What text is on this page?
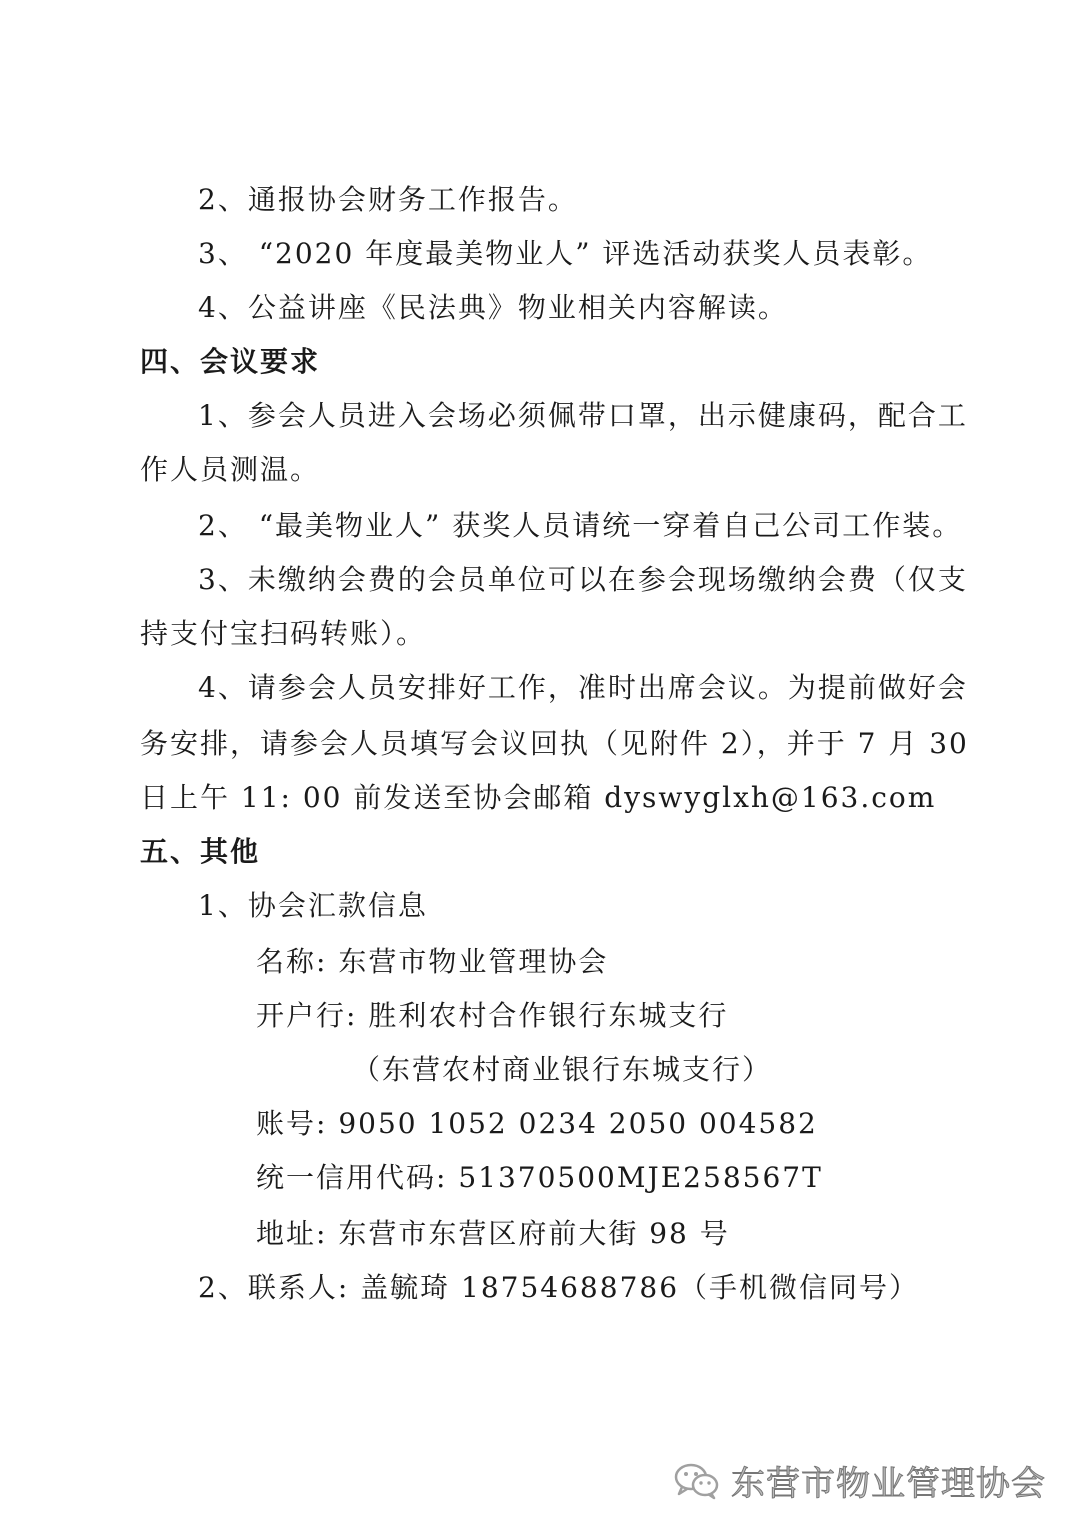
2、通报协会财务工作报告。
3、 “2020 年度最美物业人” 评选活动获奖人员表彰。
4、公益讲座《民法典》物业相关内容解读。
四、会议要求
1、参会人员进入会场必须佩带口罩，出示健康码，配合工
作人员测温。
2、 “最美物业人” 获奖人员请统一穿着自己公司工作装。
3、未缴纳会费的会员单位可以在参会现场缴纳会费（仅支
持支付宝扫码转账）。
4、请参会人员安排好工作，准时出席会议。为提前做好会
务安排，请参会人员填写会议回执（见附件 2），并于 7 月 30
日上午 11: 00 前发送至协会邮箱 dyswyglxh@163.com
五、其他
1、协会汇款信息
名称: 东营市物业管理协会
开户行: 胜利农村合作银行东城支行
（东营农村商业银行东城支行）
账号: 9050 1052 0234 2050 004582
统一信用代码: 51370500MJE258567T
地址: 东营市东营区府前大街 98 号
2、联系人: 盖毓琦 18754688786（手机微信同号）
东营市物业管理协会
